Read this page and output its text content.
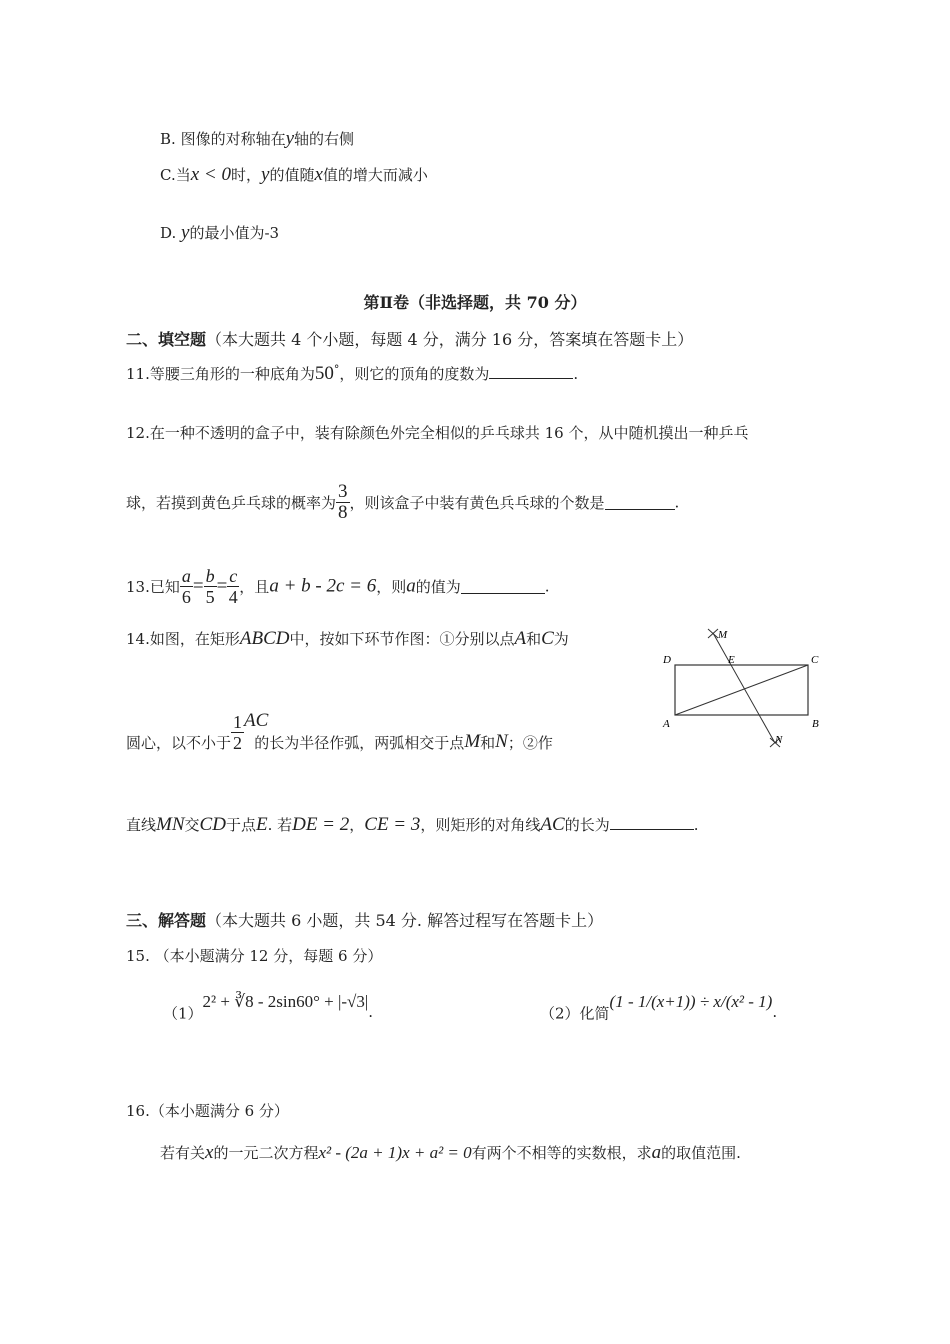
B. 图像的对称轴在y轴的右侧
C.当x < 0时，y的值随x值的增大而减小
D. y的最小值为-3
第Ⅱ卷（非选择题，共 70 分）
二、填空题（本大题共 4 个小题，每题 4 分，满分 16 分，答案填在答题卡上）
11.等腰三角形的一种底角为50°，则它的顶角的度数为	.
12.在一种不透明的盒子中，装有除颜色外完全相似的乒乓球共 16 个，从中随机摸出一种乒乓
球，若摸到黄色乒乓球的概率为 $\frac{3}{8}$ ，则该盒子中装有黄色兵乓球的个数是	.
13.已知 $\frac{a}{6} = \frac{b}{5} = \frac{c}{4}$ ，且a + b - 2c = 6，则a的值为	.
14.如图，在矩形ABCD中，按如下环节作图：①分别以点A和C为
圆心，以不小于 $\frac{1}{2}$ AC的长为半径作弧，两弧相交于点M和N；②作
直线MN交CD于点E. 若DE = 2，CE = 3，则矩形的对角线AC的长为	.
D	E	C
A	B
M
N
三、解答题（本大题共 6 小题，共 54 分. 解答过程写在答题卡上）
15. （本小题满分 12 分，每题 6 分）
（1）2² + ∛8 - 2sin60° + |-√3|.	（2）化简(1 - 1/(x+1)) ÷ x/(x² - 1).
16.（本小题满分 6 分）
若有关x的一元二次方程x² - (2a + 1)x + a² = 0有两个不相等的实数根，求a的取值范围.
